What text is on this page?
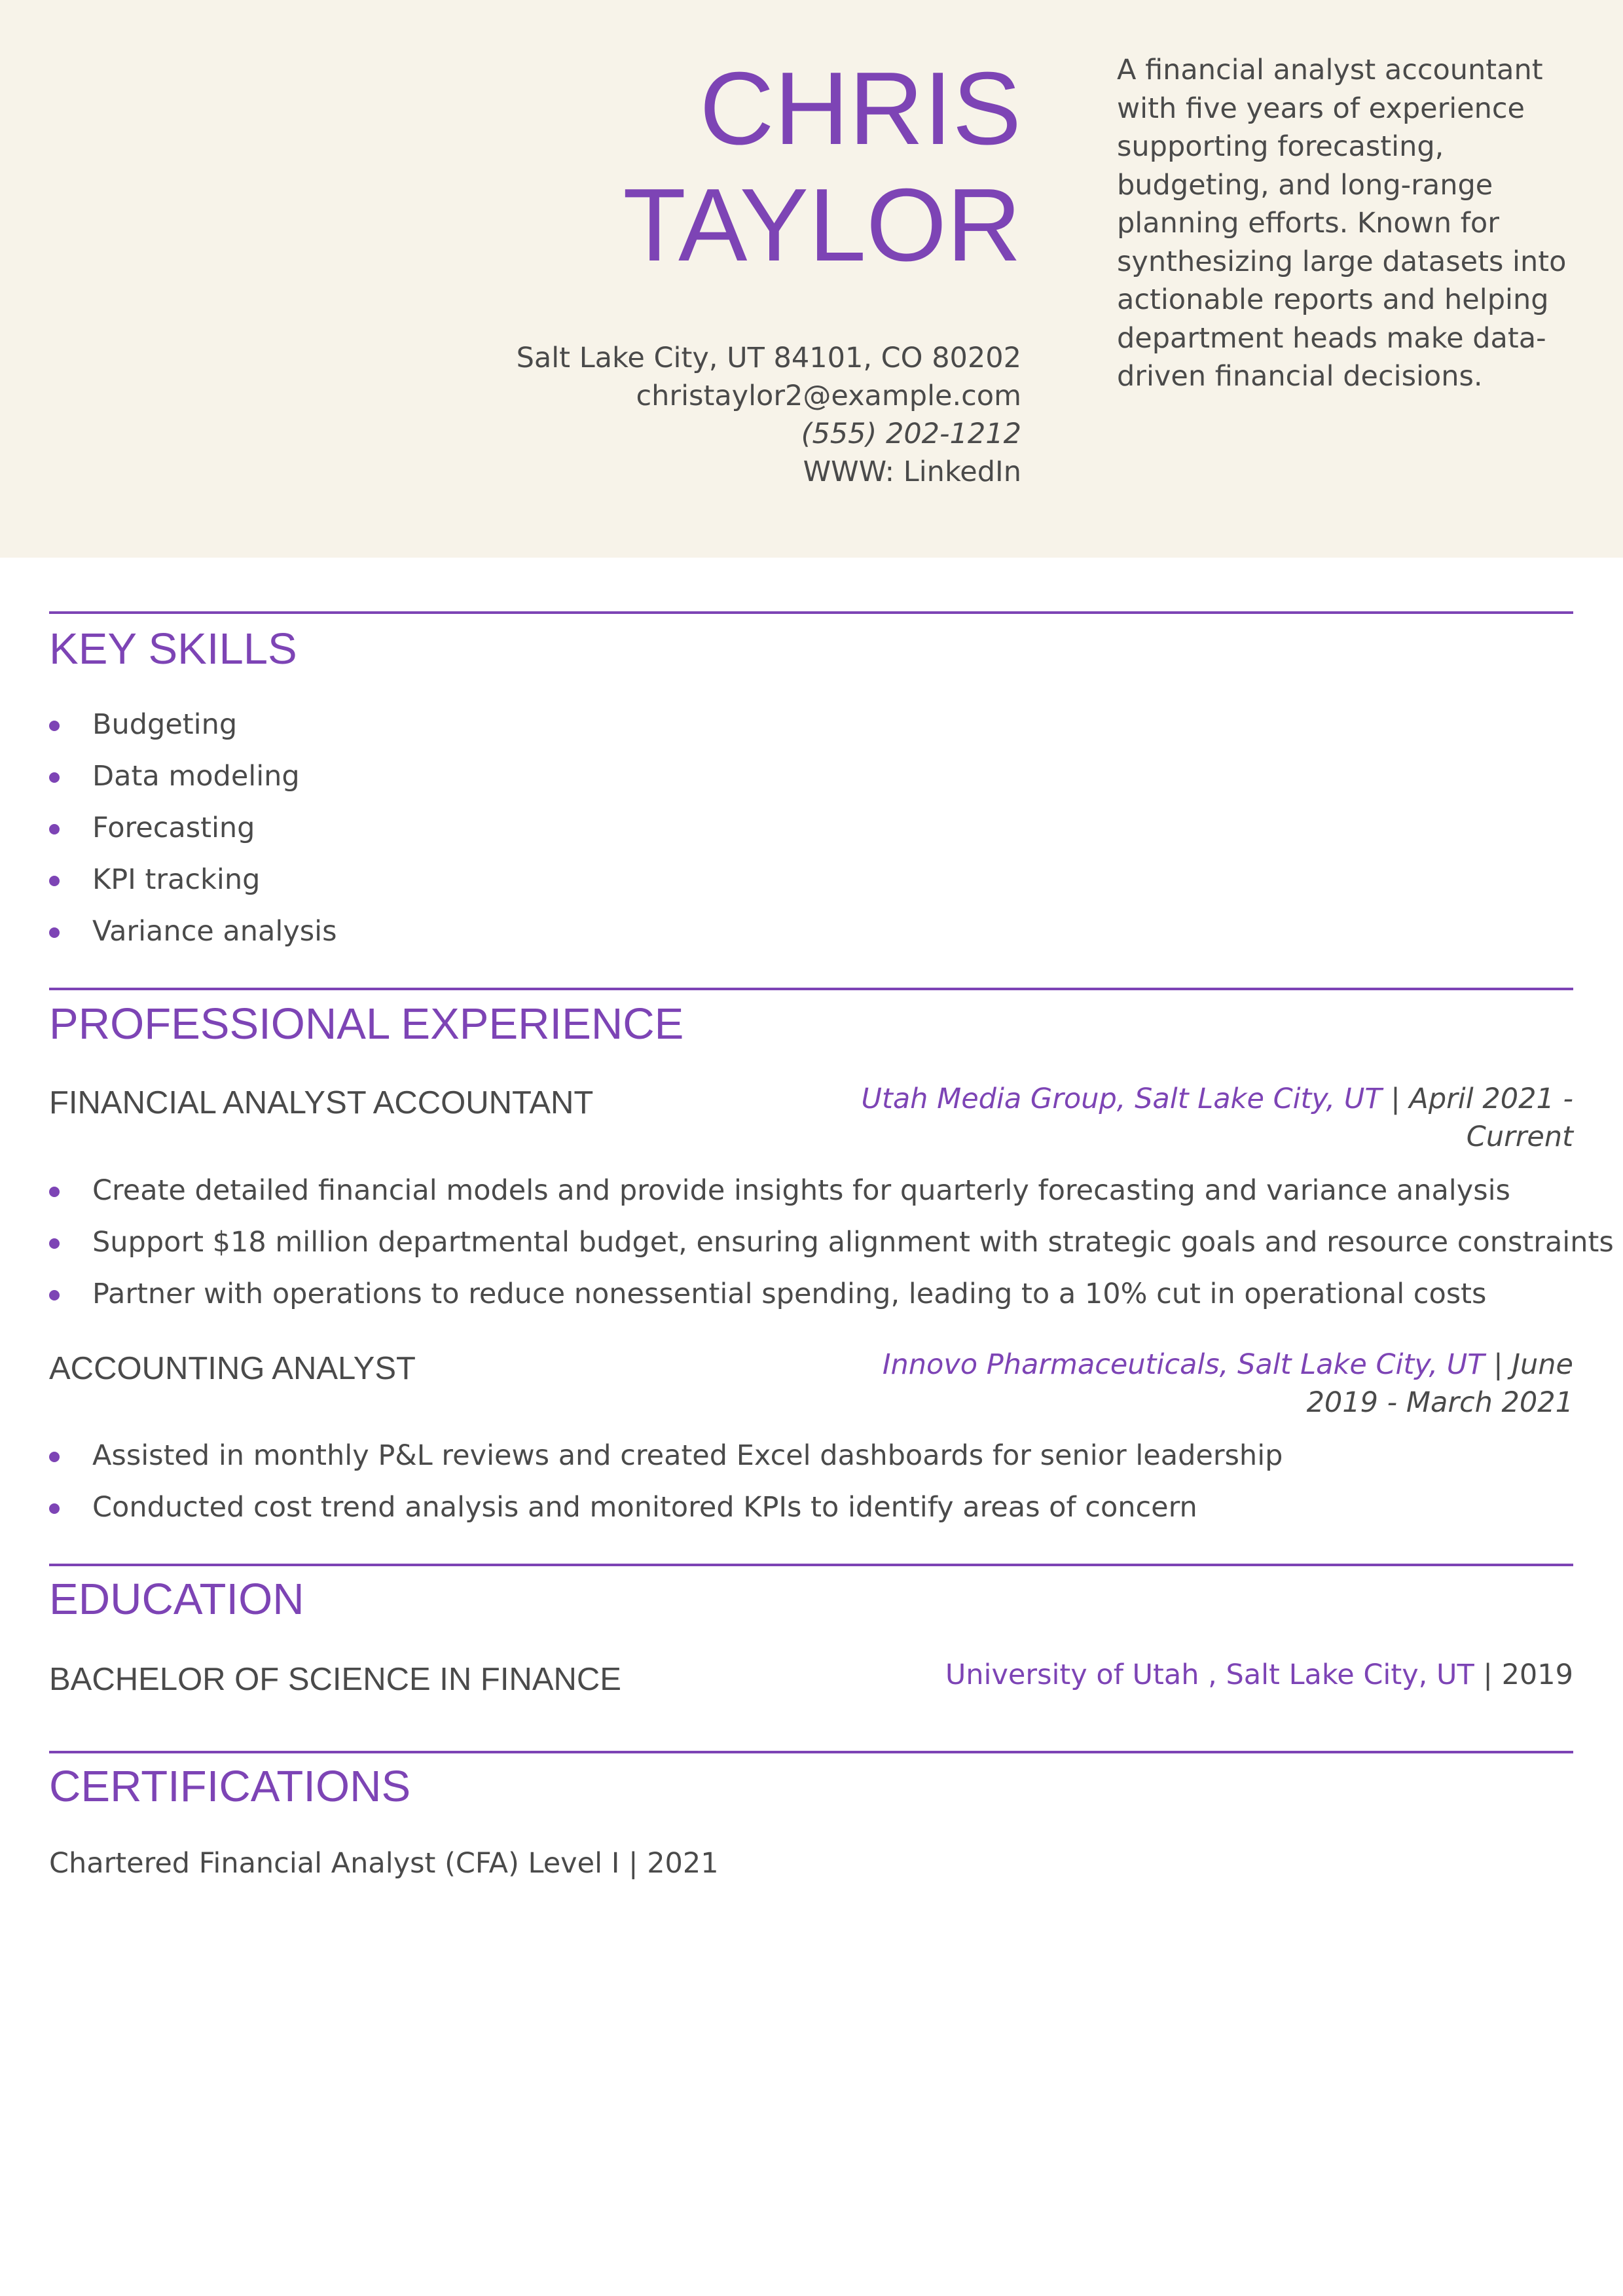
CHRIS
TAYLOR
Salt Lake City, UT 84101, CO 80202
christaylor2@example.com
(555) 202-1212
WWW: LinkedIn

A financial analyst accountant with five years of experience supporting forecasting, budgeting, and long-range planning efforts. Known for synthesizing large datasets into actionable reports and helping department heads make data-driven financial decisions.

KEY SKILLS
Budgeting
Data modeling
Forecasting
KPI tracking
Variance analysis
PROFESSIONAL EXPERIENCE
FINANCIAL ANALYST ACCOUNTANT	Utah Media Group, Salt Lake City, UT | April 2021 -
Current
Create detailed financial models and provide insights for quarterly forecasting and variance analysis
Support $18 million departmental budget, ensuring alignment with strategic goals and resource constraints
Partner with operations to reduce nonessential spending, leading to a 10% cut in operational costs
ACCOUNTING ANALYST	Innovo Pharmaceuticals, Salt Lake City, UT | June
2019 - March 2021
Assisted in monthly P&L reviews and created Excel dashboards for senior leadership
Conducted cost trend analysis and monitored KPIs to identify areas of concern
EDUCATION
BACHELOR OF SCIENCE IN FINANCE	University of Utah , Salt Lake City, UT | 2019
CERTIFICATIONS
Chartered Financial Analyst (CFA) Level I | 2021
